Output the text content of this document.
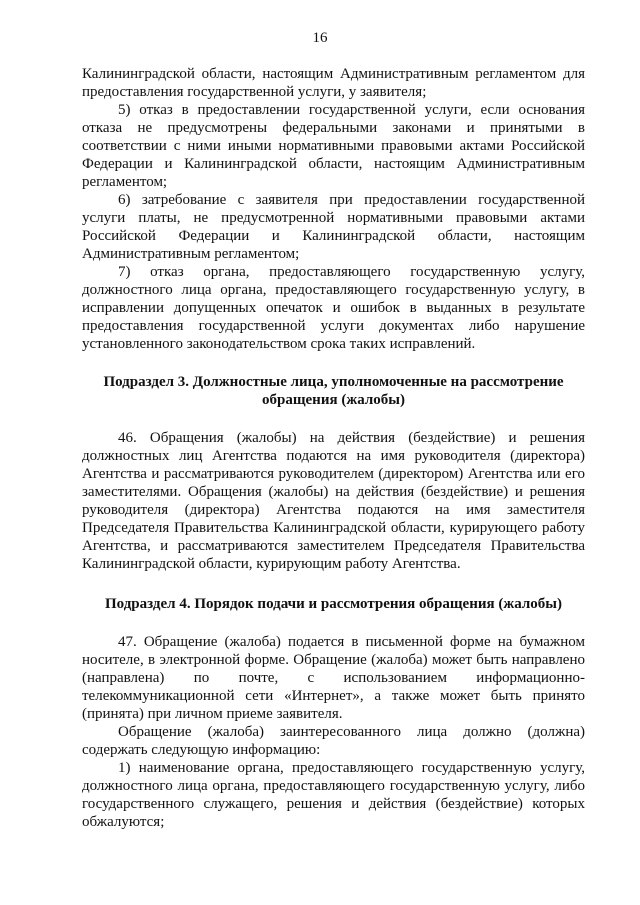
16

Калининградской области, настоящим Административным регламентом для предоставления государственной услуги, у заявителя;

5) отказ в предоставлении государственной услуги, если основания отказа не предусмотрены федеральными законами и принятыми в соответствии с ними иными нормативными правовыми актами Российской Федерации и Калининградской области, настоящим Административным регламентом;

6) затребование с заявителя при предоставлении государственной услуги платы, не предусмотренной нормативными правовыми актами Российской Федерации и Калининградской области, настоящим Административным регламентом;

7) отказ органа, предоставляющего государственную услугу, должностного лица органа, предоставляющего государственную услугу, в исправлении допущенных опечаток и ошибок в выданных в результате предоставления государственной услуги документах либо нарушение установленного законодательством срока таких исправлений.

Подраздел 3. Должностные лица, уполномоченные на рассмотрение
обращения (жалобы)

46. Обращения (жалобы) на действия (бездействие) и решения должностных лиц Агентства подаются на имя руководителя (директора) Агентства и рассматриваются руководителем (директором) Агентства или его заместителями. Обращения (жалобы) на действия (бездействие) и решения руководителя (директора) Агентства подаются на имя заместителя Председателя Правительства Калининградской области, курирующего работу Агентства, и рассматриваются заместителем Председателя Правительства Калининградской области, курирующим работу Агентства.

Подраздел 4. Порядок подачи и рассмотрения обращения (жалобы)

47. Обращение (жалоба) подается в письменной форме на бумажном носителе, в электронной форме. Обращение (жалоба) может быть направлено (направлена) по почте, с использованием информационно-телекоммуникационной сети «Интернет», а также может быть принято (принята) при личном приеме заявителя.

Обращение (жалоба) заинтересованного лица должно (должна) содержать следующую информацию:

1) наименование органа, предоставляющего государственную услугу, должностного лица органа, предоставляющего государственную услугу, либо государственного служащего, решения и действия (бездействие) которых обжалуются;
